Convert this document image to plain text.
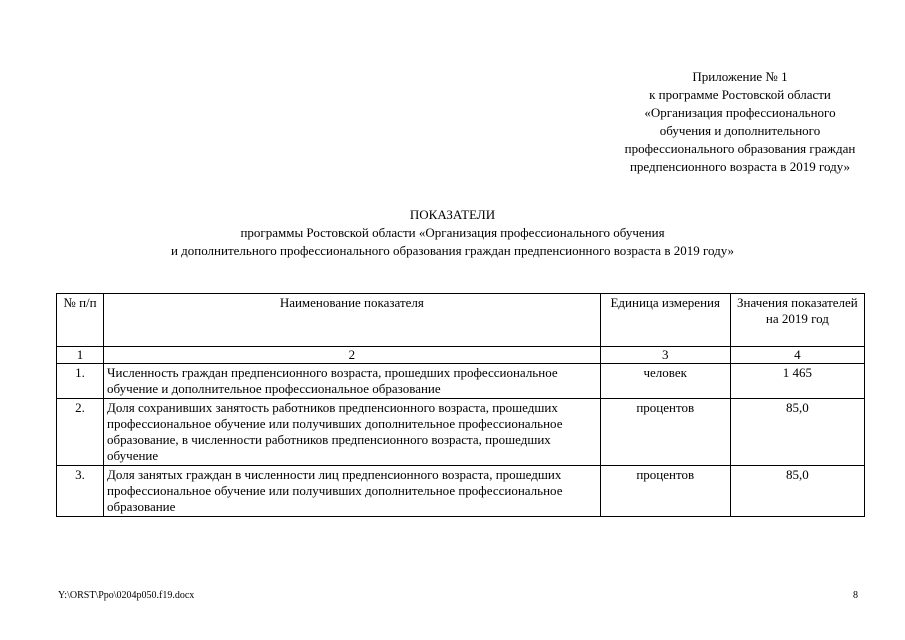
Приложение № 1
к программе Ростовской области
«Организация профессионального
обучения и дополнительного
профессионального образования граждан
предпенсионного возраста в 2019 году»
ПОКАЗАТЕЛИ
программы Ростовской области «Организация профессионального обучения
и дополнительного профессионального образования граждан предпенсионного возраста в 2019 году»
№ п/п	Наименование показателя	Единица измерения	Значения показателей на 2019 год
1	2	3	4
1.	Численность граждан предпенсионного возраста, прошедших профессиональное обучение и дополнительное профессиональное образование	человек	1 465
2.	Доля сохранивших занятость работников предпенсионного возраста, прошедших профессиональное обучение или получивших дополнительное профессиональное образование, в численности работников предпенсионного возраста, прошедших обучение	процентов	85,0
3.	Доля занятых граждан в численности лиц предпенсионного возраста, прошедших профессиональное обучение или получивших дополнительное профессиональное образование	процентов	85,0
Y:\ORST\Ppo\0204p050.f19.docx	8
